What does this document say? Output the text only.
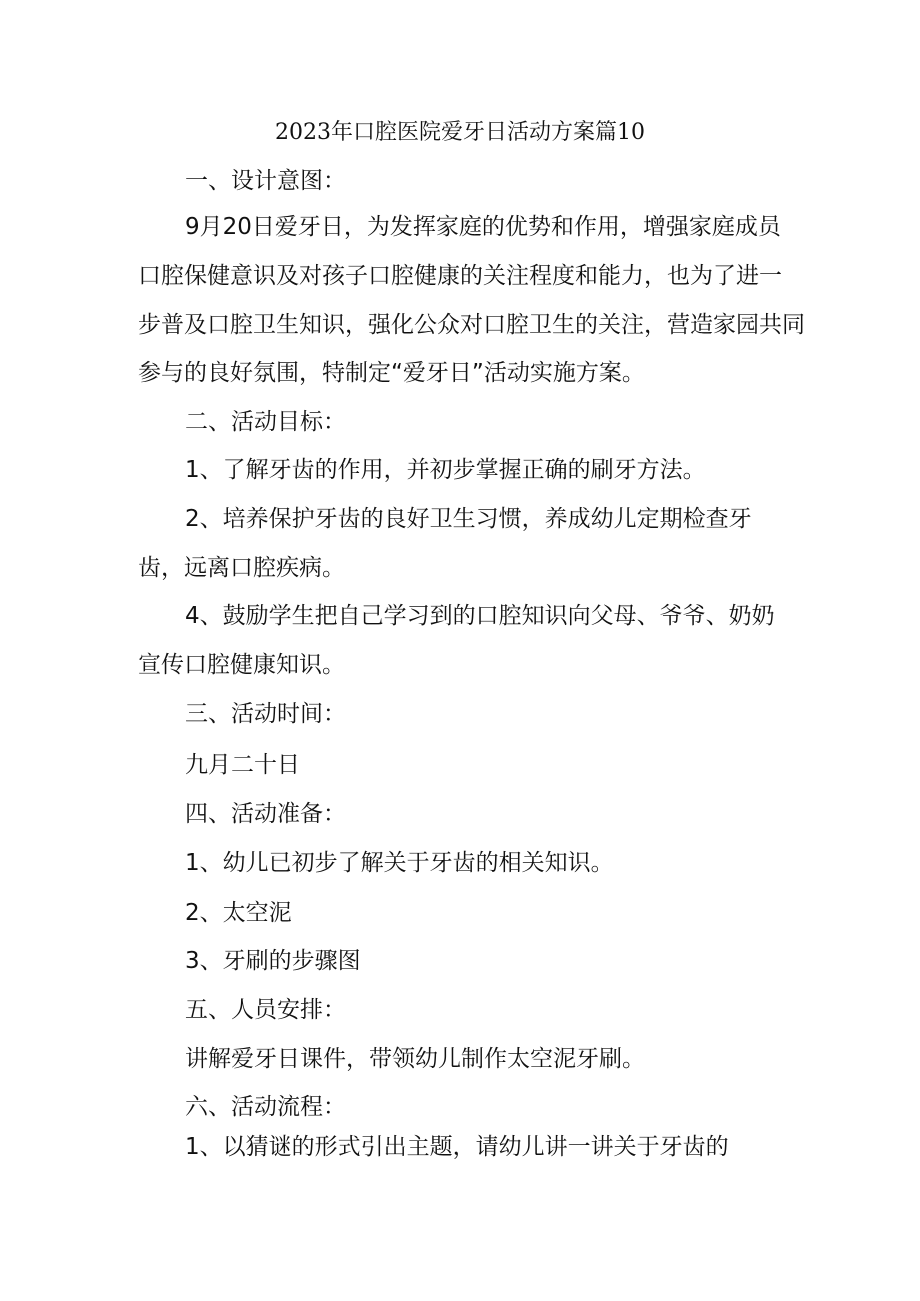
2023年口腔医院爱牙日活动方案篇10
一、设计意图：
9月20日爱牙日，为发挥家庭的优势和作用，增强家庭成员
口腔保健意识及对孩子口腔健康的关注程度和能力，也为了进一
步普及口腔卫生知识，强化公众对口腔卫生的关注，营造家园共同
参与的良好氛围，特制定“爱牙日”活动实施方案。
二、活动目标：
1、了解牙齿的作用，并初步掌握正确的刷牙方法。
2、培养保护牙齿的良好卫生习惯，养成幼儿定期检查牙
齿，远离口腔疾病。
4、鼓励学生把自己学习到的口腔知识向父母、爷爷、奶奶
宣传口腔健康知识。
三、活动时间：
九月二十日
四、活动准备：
1、幼儿已初步了解关于牙齿的相关知识。
2、太空泥
3、牙刷的步骤图
五、人员安排：
讲解爱牙日课件，带领幼儿制作太空泥牙刷。
六、活动流程：
1、以猜谜的形式引出主题，请幼儿讲一讲关于牙齿的
